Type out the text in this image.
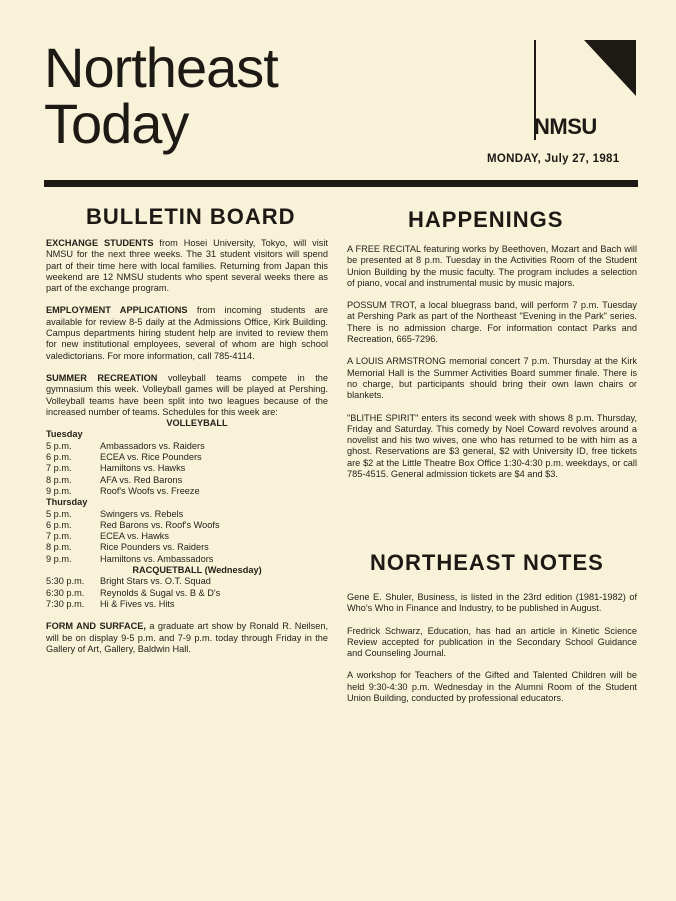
Northeast
Today	NMSU
MONDAY, July 27, 1981
BULLETIN BOARD

EXCHANGE STUDENTS from Hosei University, Tokyo, will visit NMSU for the next three weeks. The 31 student visitors will spend part of their time here with local families. Returning from Japan this weekend are 12 NMSU students who spent several weeks there as part of the exchange program.

EMPLOYMENT APPLICATIONS from incoming students are available for review 8-5 daily at the Admissions Office, Kirk Building. Campus departments hiring student help are invited to review them for new institutional employees, several of whom are high school valedictorians. For more information, call 785-4114.

SUMMER RECREATION volleyball teams compete in the gymnasium this week. Volleyball games will be played at Pershing. Volleyball teams have been split into two leagues because of the increased number of teams. Schedules for this week are:

VOLLEYBALL

Tuesday

5 p.m.	Ambassadors vs. Raiders
6 p.m.	ECEA vs. Rice Pounders
7 p.m.	Hamiltons vs. Hawks
8 p.m.	AFA vs. Red Barons
9 p.m.	Roof's Woofs vs. Freeze

Thursday

5 p.m.	Swingers vs. Rebels
6 p.m.	Red Barons vs. Roof's Woofs
7 p.m.	ECEA vs. Hawks
8 p.m.	Rice Pounders vs. Raiders
9 p.m.	Hamiltons vs. Ambassadors

RACQUETBALL (Wednesday)

5:30 p.m.	Bright Stars vs. O.T. Squad
6:30 p.m.	Reynolds & Sugal vs. B & D's
7:30 p.m.	Hi & Fives vs. Hits

FORM AND SURFACE, a graduate art show by Ronald R. Neilsen, will be on display 9-5 p.m. and 7-9 p.m. today through Friday in the Gallery of Art, Gallery, Baldwin Hall.

HAPPENINGS

A FREE RECITAL featuring works by Beethoven, Mozart and Bach will be presented at 8 p.m. Tuesday in the Activities Room of the Student Union Building by the music faculty. The program includes a selection of piano, vocal and instrumental music by music majors.

POSSUM TROT, a local bluegrass band, will perform 7 p.m. Tuesday at Pershing Park as part of the Northeast "Evening in the Park" series. There is no admission charge. For information contact Parks and Recreation, 665-7296.

A LOUIS ARMSTRONG memorial concert 7 p.m. Thursday at the Kirk Memorial Hall is the Summer Activities Board summer finale. There is no charge, but participants should bring their own lawn chairs or blankets.

"BLITHE SPIRIT" enters its second week with shows 8 p.m. Thursday, Friday and Saturday. This comedy by Noel Coward revolves around a novelist and his two wives, one who has returned to be with him as a ghost. Reservations are $3 general, $2 with University ID, free tickets are $2 at the Little Theatre Box Office 1:30-4:30 p.m. weekdays, or call 785-4515. General admission tickets are $4 and $3.

NORTHEAST NOTES

Gene E. Shuler, Business, is listed in the 23rd edition (1981-1982) of Who's Who in Finance and Industry, to be published in August.

Fredrick Schwarz, Education, has had an article in Kinetic Science Review accepted for publication in the Secondary School Guidance and Counseling Journal.

A workshop for Teachers of the Gifted and Talented Children will be held 9:30-4:30 p.m. Wednesday in the Alumni Room of the Student Union Building, conducted by professional educators.
